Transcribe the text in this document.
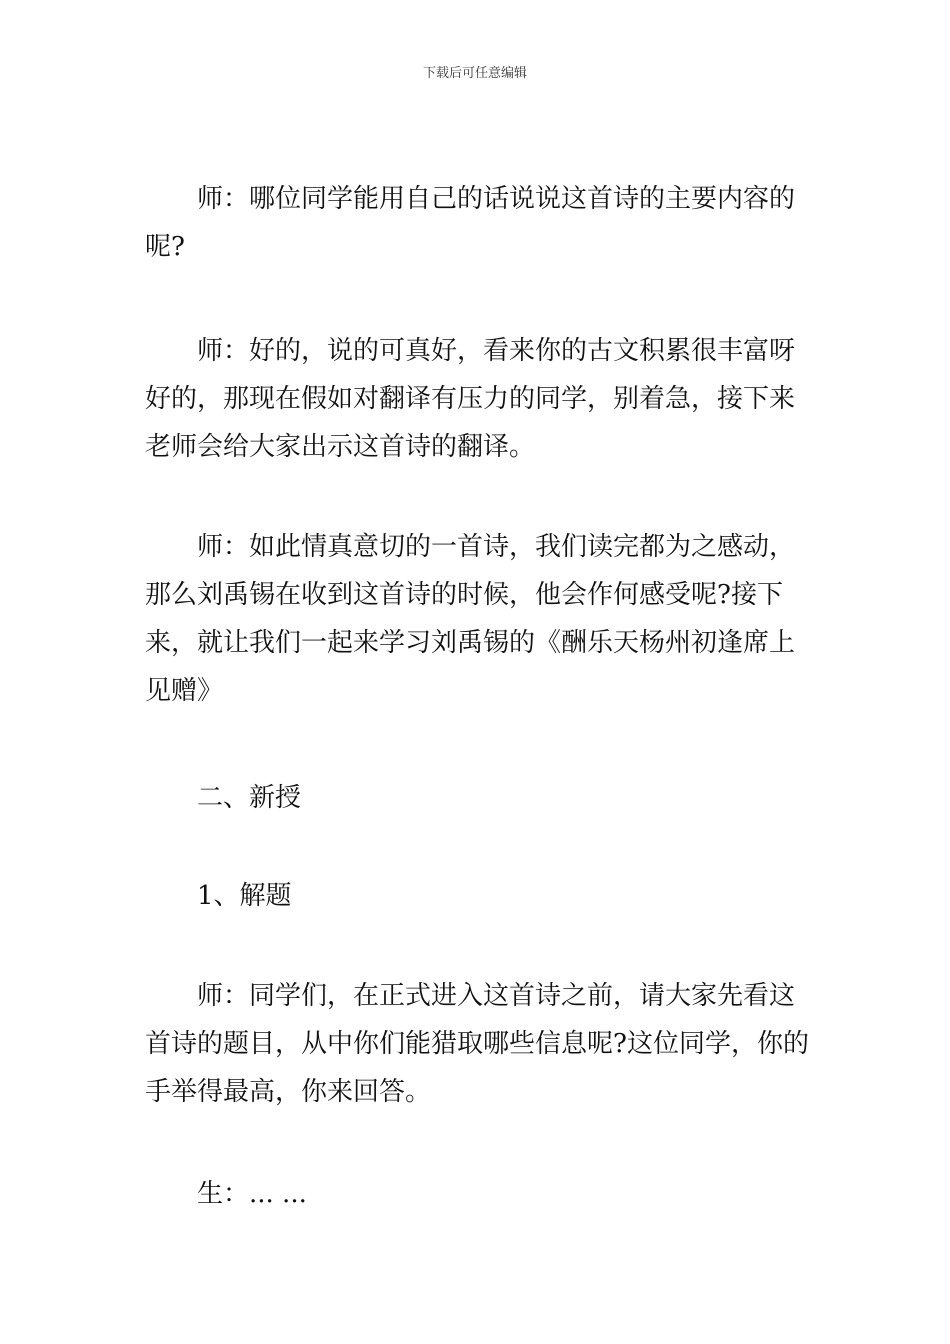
下载后可任意编辑

师：哪位同学能用自己的话说说这首诗的主要内容的呢?

师：好的，说的可真好，看来你的古文积累很丰富呀好的，那现在假如对翻译有压力的同学，别着急，接下来老师会给大家出示这首诗的翻译。

师：如此情真意切的一首诗，我们读完都为之感动，那么刘禹锡在收到这首诗的时候，他会作何感受呢?接下来，就让我们一起来学习刘禹锡的《酬乐天杨州初逢席上见赠》

二、新授

1、解题

师：同学们，在正式进入这首诗之前，请大家先看这首诗的题目，从中你们能猎取哪些信息呢?这位同学，你的手举得最高，你来回答。

生：... ...
